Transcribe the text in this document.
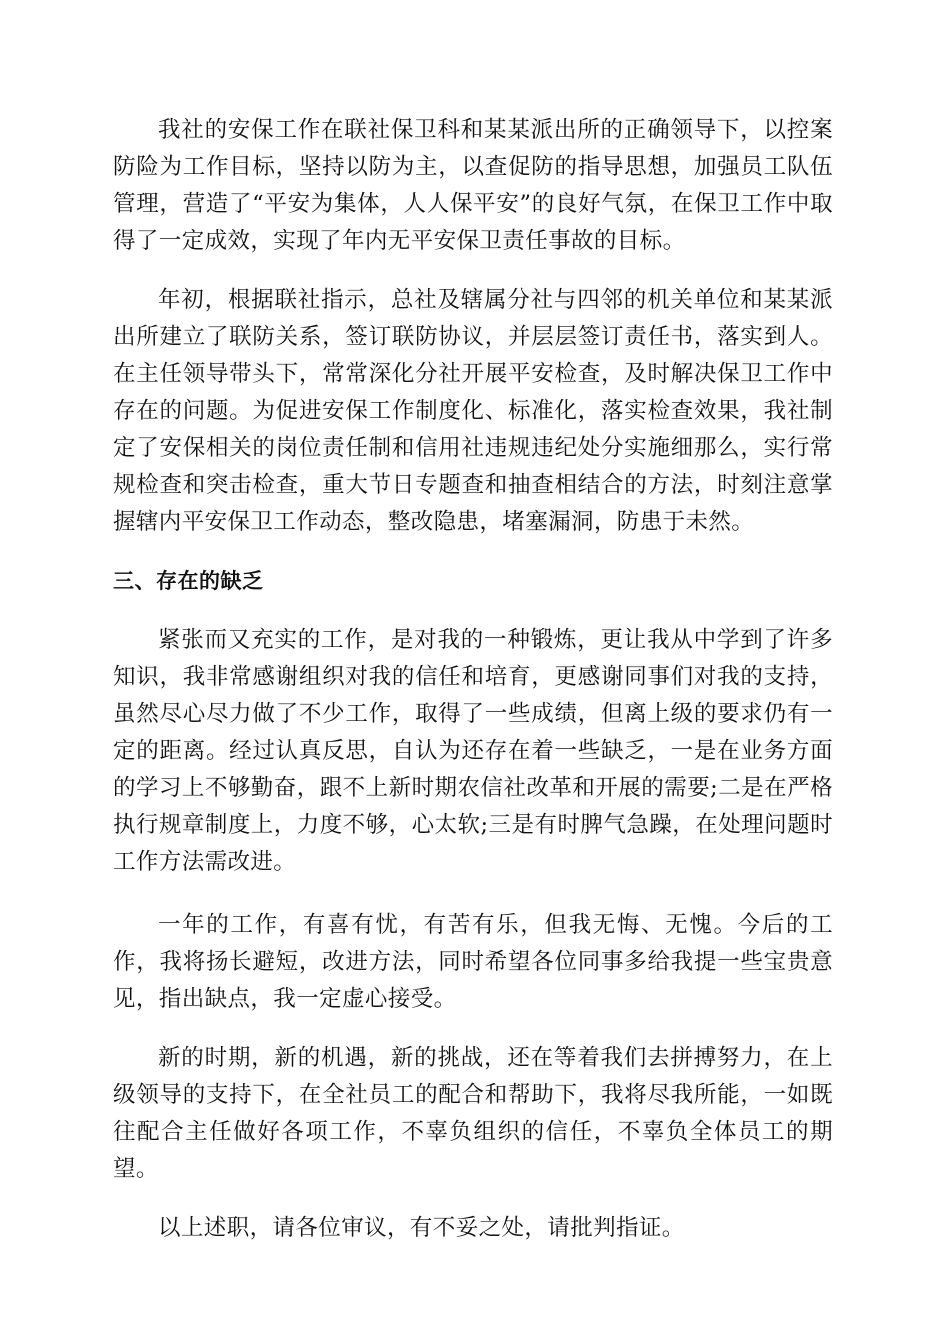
我社的安保工作在联社保卫科和某某派出所的正确领导下，以控案防险为工作目标，坚持以防为主，以查促防的指导思想，加强员工队伍管理，营造了“平安为集体，人人保平安”的良好气氛，在保卫工作中取得了一定成效，实现了年内无平安保卫责任事故的目标。

年初，根据联社指示，总社及辖属分社与四邻的机关单位和某某派出所建立了联防关系，签订联防协议，并层层签订责任书，落实到人。在主任领导带头下，常常深化分社开展平安检查，及时解决保卫工作中存在的问题。为促进安保工作制度化、标准化，落实检查效果，我社制定了安保相关的岗位责任制和信用社违规违纪处分实施细那么，实行常规检查和突击检查，重大节日专题查和抽查相结合的方法，时刻注意掌握辖内平安保卫工作动态，整改隐患，堵塞漏洞，防患于未然。

三、存在的缺乏

紧张而又充实的工作，是对我的一种锻炼，更让我从中学到了许多知识，我非常感谢组织对我的信任和培育，更感谢同事们对我的支持，虽然尽心尽力做了不少工作，取得了一些成绩，但离上级的要求仍有一定的距离。经过认真反思，自认为还存在着一些缺乏，一是在业务方面的学习上不够勤奋，跟不上新时期农信社改革和开展的需要;二是在严格执行规章制度上，力度不够，心太软;三是有时脾气急躁，在处理问题时工作方法需改进。

一年的工作，有喜有忧，有苦有乐，但我无悔、无愧。今后的工作，我将扬长避短，改进方法，同时希望各位同事多给我提一些宝贵意见，指出缺点，我一定虚心接受。

新的时期，新的机遇，新的挑战，还在等着我们去拼搏努力，在上级领导的支持下，在全社员工的配合和帮助下，我将尽我所能，一如既往配合主任做好各项工作，不辜负组织的信任，不辜负全体员工的期望。

以上述职，请各位审议，有不妥之处，请批判指证。
